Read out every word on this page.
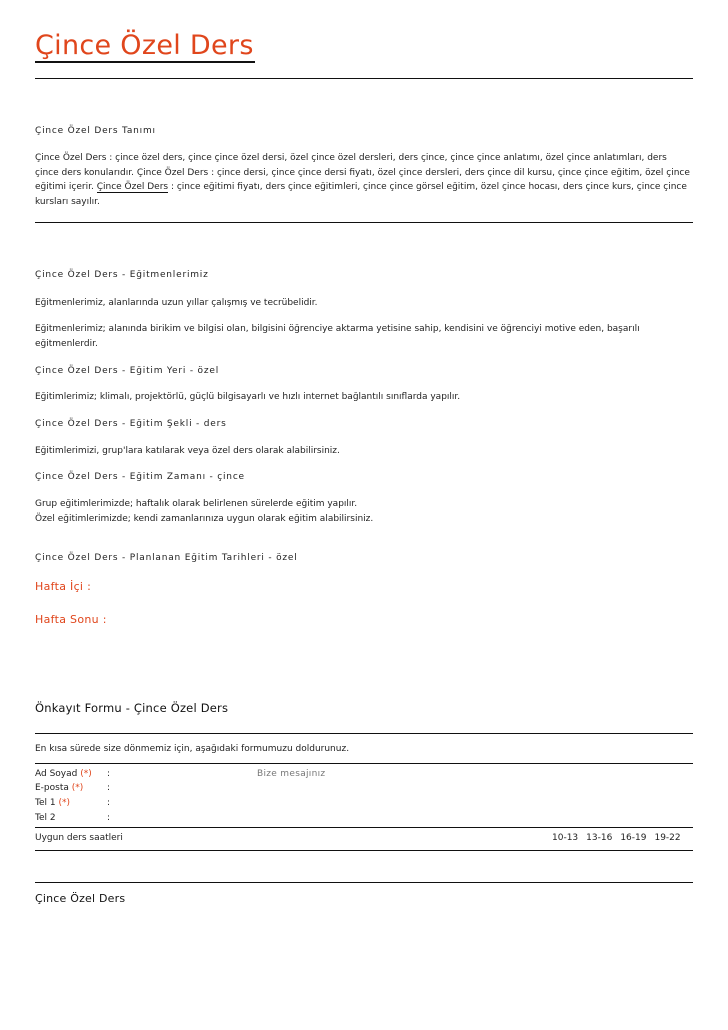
Çince Özel Ders
Çince Özel Ders Tanımı

Çince Özel Ders : çince özel ders, çince çince özel dersi, özel çince özel dersleri, ders çince, çince çince anlatımı, özel çince anlatımları, ders çince ders konularıdır. Çince Özel Ders : çince dersi, çince çince dersi fiyatı, özel çince dersleri, ders çince dil kursu, çince çince eğitim, özel çince eğitimi içerir. Çince Özel Ders : çince eğitimi fiyatı, ders çince eğitimleri, çince çince görsel eğitim, özel çince hocası, ders çince kurs, çince çince kursları sayılır.

Çince Özel Ders - Eğitmenlerimiz

Eğitmenlerimiz, alanlarında uzun yıllar çalışmış ve tecrübelidir.

Eğitmenlerimiz; alanında birikim ve bilgisi olan, bilgisini öğrenciye aktarma yetisine sahip, kendisini ve öğrenciyi motive eden, başarılı eğitmenlerdir.

Çince Özel Ders - Eğitim Yeri - özel

Eğitimlerimiz; klimalı, projektörlü, güçlü bilgisayarlı ve hızlı internet bağlantılı sınıflarda yapılır.

Çince Özel Ders - Eğitim Şekli - ders

Eğitimlerimizi, grup'lara katılarak veya özel ders olarak alabilirsiniz.

Çince Özel Ders - Eğitim Zamanı - çince

Grup eğitimlerimizde; haftalık olarak belirlenen sürelerde eğitim yapılır.

Özel eğitimlerimizde; kendi zamanlarınıza uygun olarak eğitim alabilirsiniz.

Çince Özel Ders - Planlanan Eğitim Tarihleri - özel
Hafta İçi :
Hafta Sonu :
Önkayıt Formu - Çince Özel Ders

En kısa sürede size dönmemiz için, aşağıdaki formumuzu doldurunuz.

Ad Soyad (*) :
E-posta (*)	:
Tel 1 (*)	:
Tel 2	:
Bize mesajınız
Uygun ders saatleri	10-13 13-16 16-19 19-22
Çince Özel Ders
